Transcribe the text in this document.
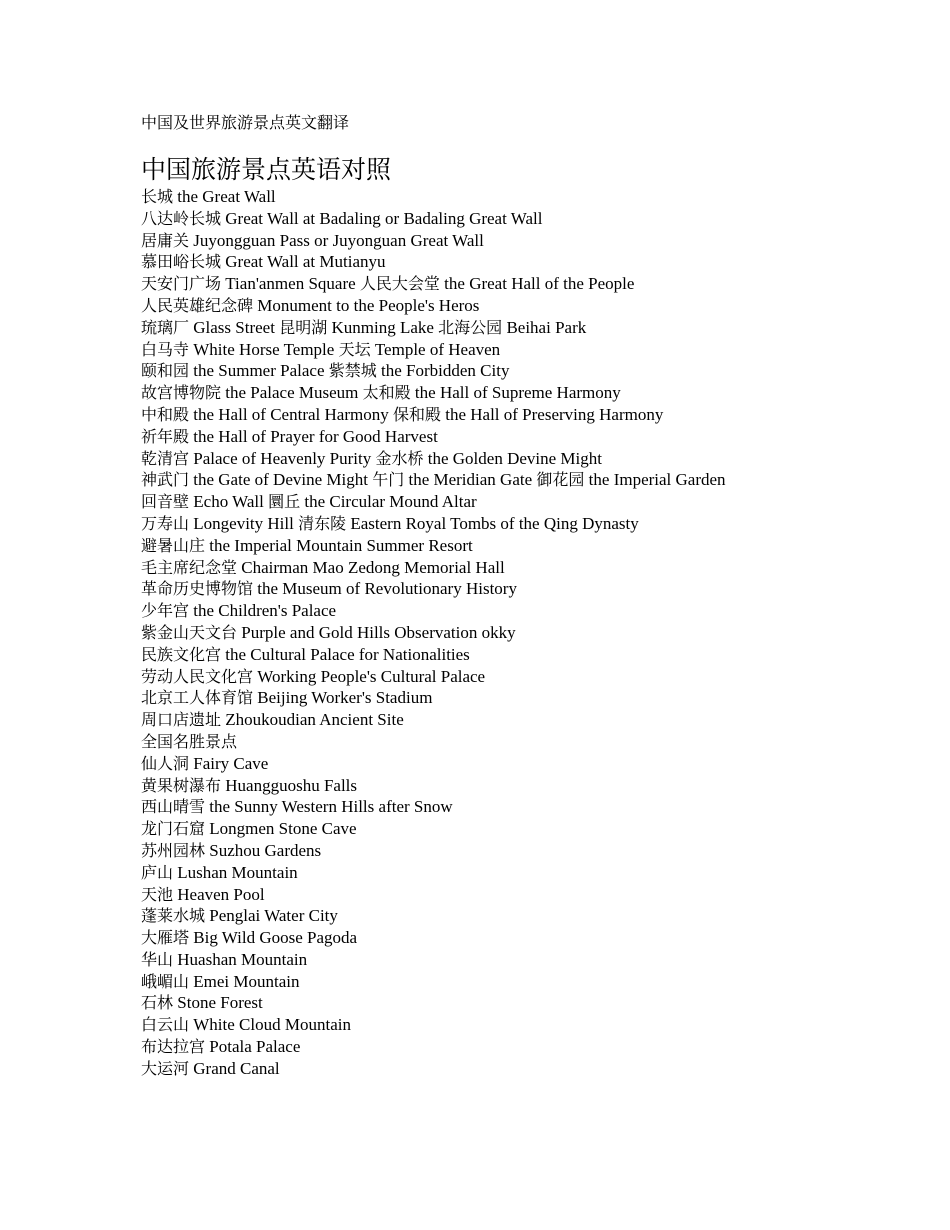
中国及世界旅游景点英文翻译
中国旅游景点英语对照
长城 the Great Wall
八达岭长城 Great Wall at Badaling or Badaling Great Wall
居庸关 Juyongguan Pass or Juyonguan Great Wall
慕田峪长城 Great Wall at Mutianyu
天安门广场 Tian'anmen Square 人民大会堂 the Great Hall of the People
人民英雄纪念碑 Monument to the People's Heros
琉璃厂 Glass Street 昆明湖 Kunming Lake 北海公园 Beihai Park
白马寺 White Horse Temple 天坛 Temple of Heaven
颐和园 the Summer Palace 紫禁城 the Forbidden City
故宫博物院 the Palace Museum 太和殿 the Hall of Supreme Harmony
中和殿 the Hall of Central Harmony 保和殿 the Hall of Preserving Harmony
祈年殿 the Hall of Prayer for Good Harvest
乾清宫 Palace of Heavenly Purity 金水桥 the Golden Devine Might
神武门 the Gate of Devine Might 午门 the Meridian Gate 御花园 the Imperial Garden
回音壁 Echo Wall 圜丘 the Circular Mound Altar
万寿山 Longevity Hill 清东陵 Eastern Royal Tombs of the Qing Dynasty
避暑山庄 the Imperial Mountain Summer Resort
毛主席纪念堂 Chairman Mao Zedong Memorial Hall
革命历史博物馆 the Museum of Revolutionary History
少年宫 the Children's Palace
紫金山天文台 Purple and Gold Hills Observation okky
民族文化宫 the Cultural Palace for Nationalities
劳动人民文化宫 Working People's Cultural Palace
北京工人体育馆 Beijing Worker's Stadium
周口店遗址 Zhoukoudian Ancient Site
全国名胜景点
仙人洞 Fairy Cave
黄果树瀑布 Huangguoshu Falls
西山晴雪 the Sunny Western Hills after Snow
龙门石窟 Longmen Stone Cave
苏州园林 Suzhou Gardens
庐山 Lushan Mountain
天池 Heaven Pool
蓬莱水城 Penglai Water City
大雁塔 Big Wild Goose Pagoda
华山 Huashan Mountain
峨嵋山 Emei Mountain
石林 Stone Forest
白云山 White Cloud Mountain
布达拉宫 Potala Palace
大运河 Grand Canal
